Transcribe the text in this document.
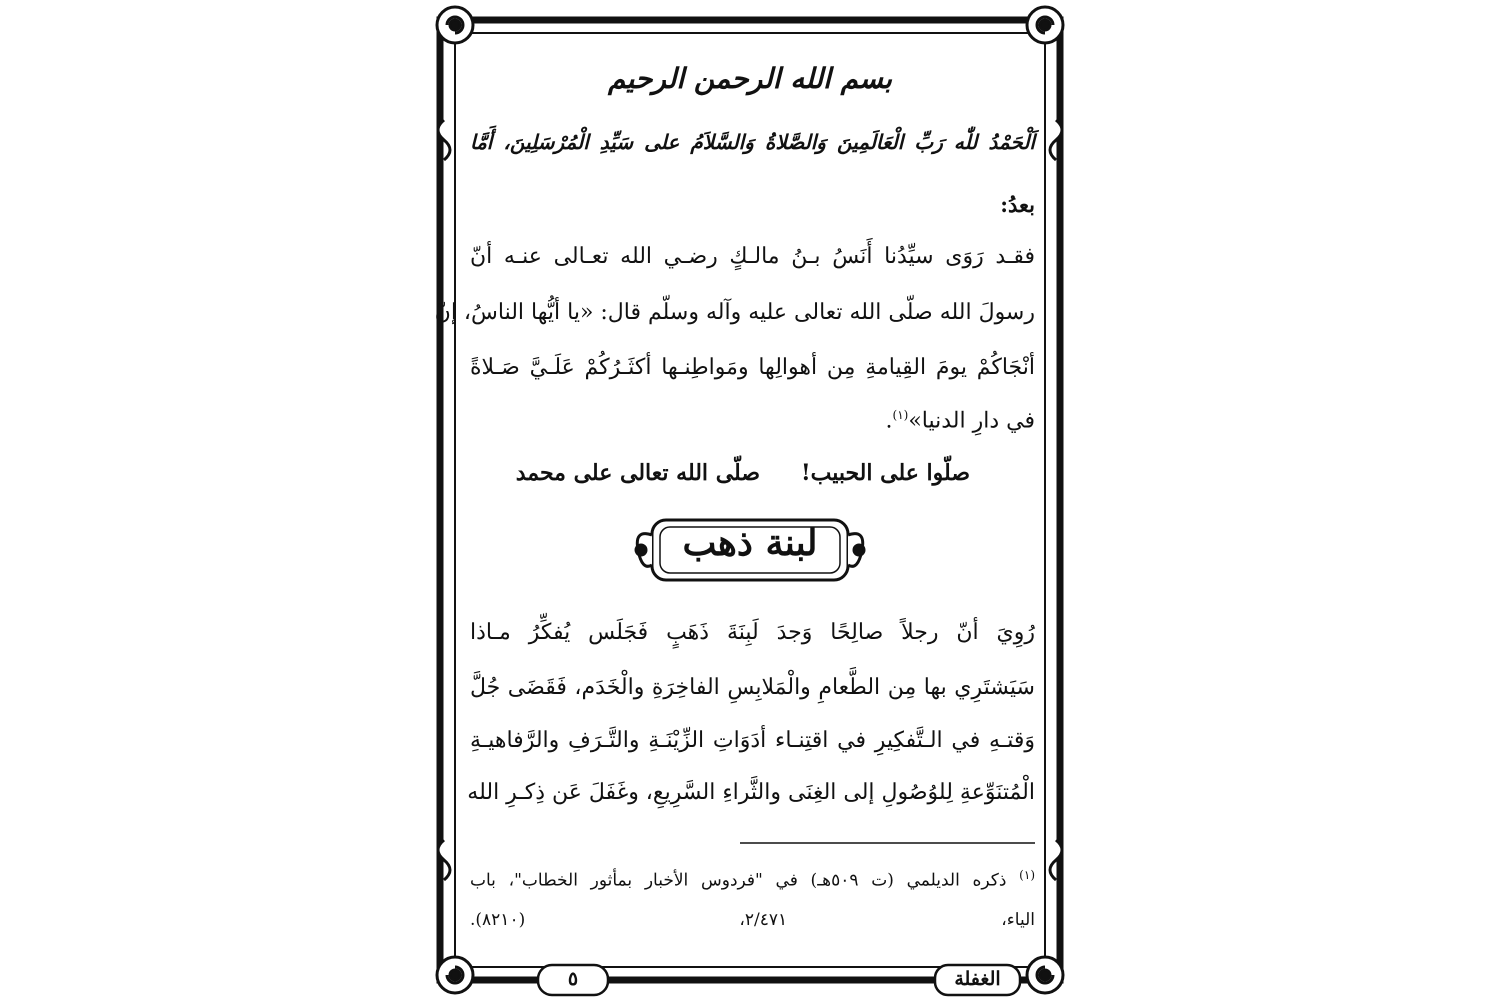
بسم الله الرحمن الرحيم
اَلْحَمْدُ للّٰه رَبِّ الْعَالَمِينَ وَالصَّلاةُ وَالسَّلاَمُ على سَيِّدِ الْمُرْسَلِينَ، أَمَّا
بعدُ:
فقـد رَوَى سيِّدُنا أَنَسُ بـنُ مالـكٍ رضـي الله تعـالى عنـه أنّ
رسولَ الله صلّى الله تعالى عليه وآله وسلّم قال: «يا أيُّها الناسُ، إنّ
أنْجَاكُمْ يومَ القِيامةِ مِن أهوالِها ومَواطِنـها أكثَـرُكُمْ عَلَـيَّ صَـلاةً
في دارِ الدنيا»$^{(١)}$.
صلّوا على الحبيب!
صلّى الله تعالى على محمد
لبنة ذهب
رُوِيَ أنّ رجلاً صالِحًا وَجدَ لَبِنَةَ ذَهَبٍ فَجَلَس يُفكِّرُ مـاذا
سَيَشتَرِي بها مِن الطَّعامِ والْمَلابِسِ الفاخِرَةِ والْخَدَم، فَقَضَى جُلَّ
وَقتـهِ في الـتَّفكِيرِ في اقتِنـاء أدَوَاتِ الزِّيْنَـةِ والتَّـرَفِ والرَّفاهيـةِ
الْمُتنَوِّعةِ لِلوُصُولِ إلى الغِنَى والثَّراءِ السَّرِيعِ، وغَفَلَ عَن ذِكـرِ الله
$^{(١)}$ ذكره الديلمي (ت ٥٠٩هـ) في "فردوس الأخبار بمأثور الخطاب"، باب
الياء، ٢/٤٧١، (٨٢١٠).
الغفلة
٥
